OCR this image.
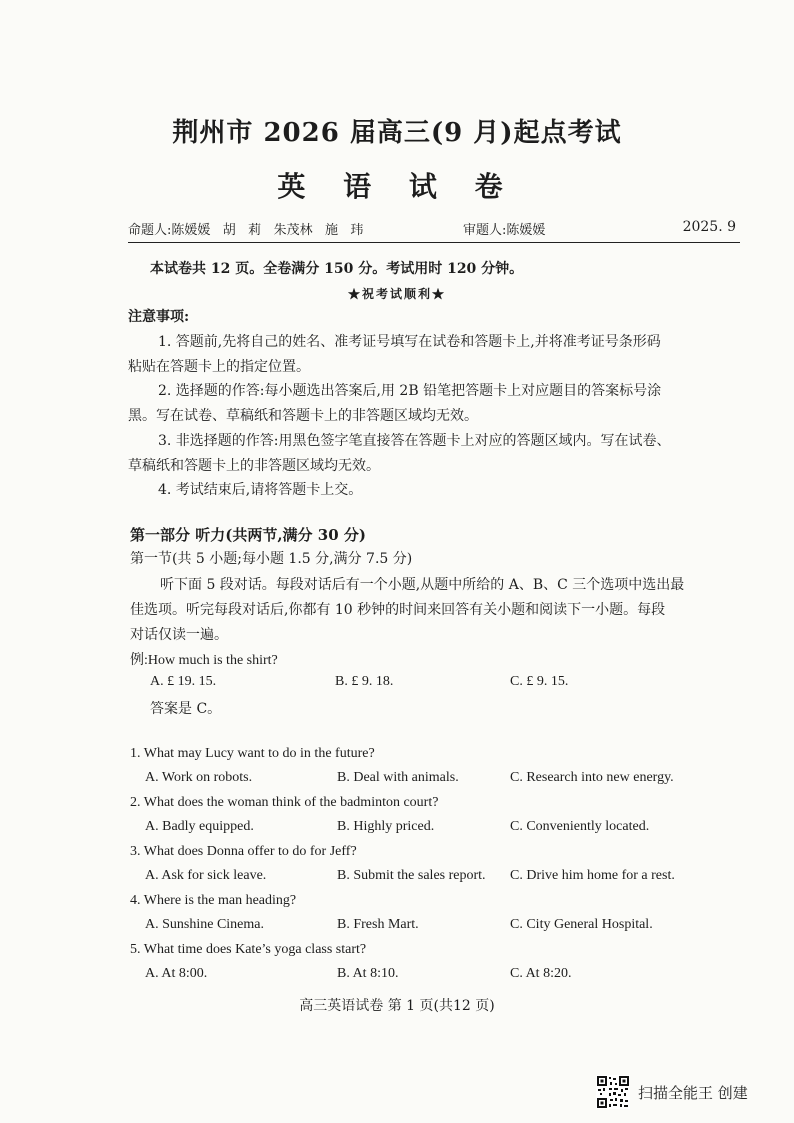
荆州市 2026 届高三(9 月)起点考试
英 语 试 卷
命题人:陈媛媛   胡   莉   朱茂林   施   玮	审题人:陈媛媛	2025. 9
本试卷共 12 页。全卷满分 150 分。考试用时 120 分钟。
★祝考试顺利★
注意事项:
1. 答题前,先将自己的姓名、准考证号填写在试卷和答题卡上,并将准考证号条形码
粘贴在答题卡上的指定位置。
2. 选择题的作答:每小题选出答案后,用 2B 铅笔把答题卡上对应题目的答案标号涂
黑。写在试卷、草稿纸和答题卡上的非答题区域均无效。
3. 非选择题的作答:用黑色签字笔直接答在答题卡上对应的答题区域内。写在试卷、
草稿纸和答题卡上的非答题区域均无效。
4. 考试结束后,请将答题卡上交。
第一部分 听力(共两节,满分 30 分)
第一节(共 5 小题;每小题 1.5 分,满分 7.5 分)
听下面 5 段对话。每段对话后有一个小题,从题中所给的 A、B、C 三个选项中选出最
佳选项。听完每段对话后,你都有 10 秒钟的时间来回答有关小题和阅读下一小题。每段
对话仅读一遍。
例:How much is the shirt?
A. £ 19. 15.	B. £ 9. 18.	C. £ 9. 15.
答案是 C。
1. What may Lucy want to do in the future?
A. Work on robots.	B. Deal with animals.	C. Research into new energy.
2. What does the woman think of the badminton court?
A. Badly equipped.	B. Highly priced.	C. Conveniently located.
3. What does Donna offer to do for Jeff?
A. Ask for sick leave.	B. Submit the sales report. C. Drive him home for a rest.
4. Where is the man heading?
A. Sunshine Cinema.	B. Fresh Mart.	C. City General Hospital.
5. What time does Kate’s yoga class start?
A. At 8:00.	B. At 8:10.	C. At 8:20.
高三英语试卷 第 1 页(共12 页)
扫描全能王 创建
